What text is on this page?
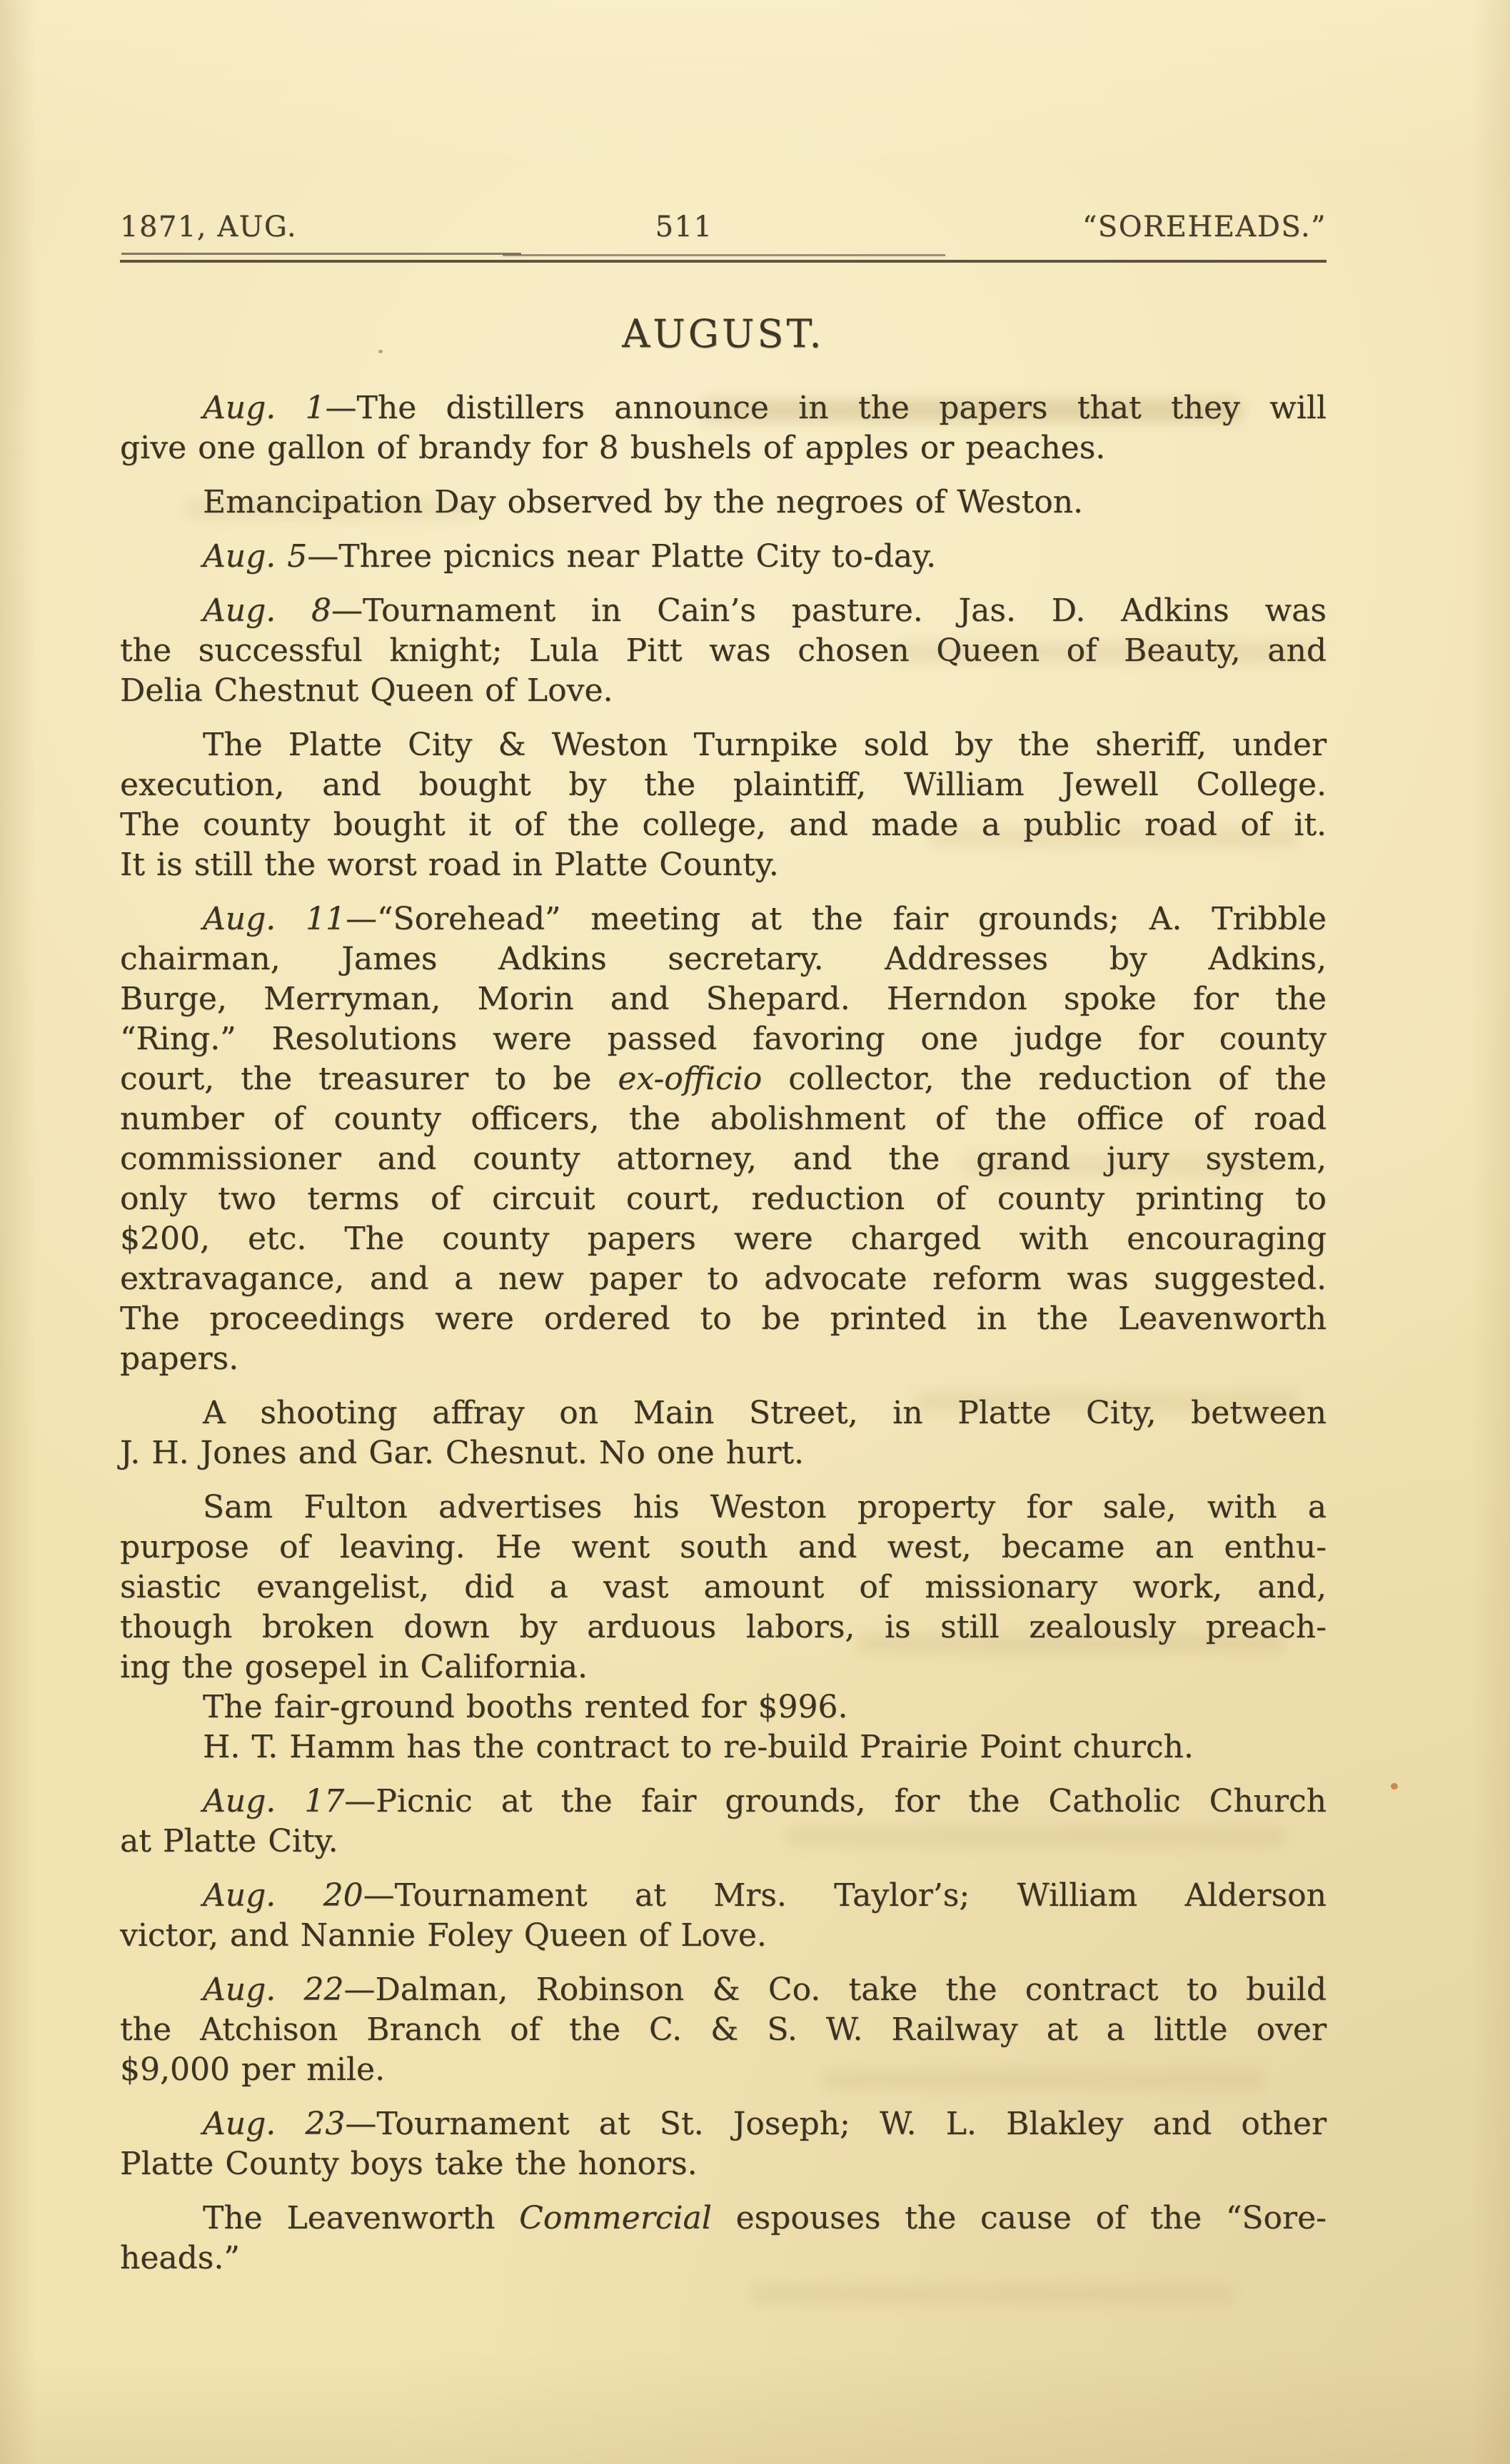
1871, AUG.	511	“SOREHEADS.”
AUGUST.
Aug. 1—The distillers announce in the papers that they will
give one gallon of brandy for 8 bushels of apples or peaches.
Emancipation Day observed by the negroes of Weston.
Aug. 5—Three picnics near Platte City to-day.
Aug. 8—Tournament in Cain’s pasture. Jas. D. Adkins was
the successful knight; Lula Pitt was chosen Queen of Beauty, and
Delia Chestnut Queen of Love.
The Platte City & Weston Turnpike sold by the sheriff, under
execution, and bought by the plaintiff, William Jewell College.
The county bought it of the college, and made a public road of it.
It is still the worst road in Platte County.
Aug. 11—“Sorehead” meeting at the fair grounds; A. Tribble
chairman, James Adkins secretary. Addresses by Adkins,
Burge, Merryman, Morin and Shepard. Herndon spoke for the
“Ring.” Resolutions were passed favoring one judge for county
court, the treasurer to be ex-officio collector, the reduction of the
number of county officers, the abolishment of the office of road
commissioner and county attorney, and the grand jury system,
only two terms of circuit court, reduction of county printing to
$200, etc. The county papers were charged with encouraging
extravagance, and a new paper to advocate reform was suggested.
The proceedings were ordered to be printed in the Leavenworth
papers.
A shooting affray on Main Street, in Platte City, between
J. H. Jones and Gar. Chesnut. No one hurt.
Sam Fulton advertises his Weston property for sale, with a
purpose of leaving. He went south and west, became an enthu-
siastic evangelist, did a vast amount of missionary work, and,
though broken down by arduous labors, is still zealously preach-
ing the gosepel in California.
The fair-ground booths rented for $996.
H. T. Hamm has the contract to re-build Prairie Point church.
Aug. 17—Picnic at the fair grounds, for the Catholic Church
at Platte City.
Aug. 20—Tournament at Mrs. Taylor’s; William Alderson
victor, and Nannie Foley Queen of Love.
Aug. 22—Dalman, Robinson & Co. take the contract to build
the Atchison Branch of the C. & S. W. Railway at a little over
$9,000 per mile.
Aug. 23—Tournament at St. Joseph; W. L. Blakley and other
Platte County boys take the honors.
The Leavenworth Commercial espouses the cause of the “Sore-
heads.”
